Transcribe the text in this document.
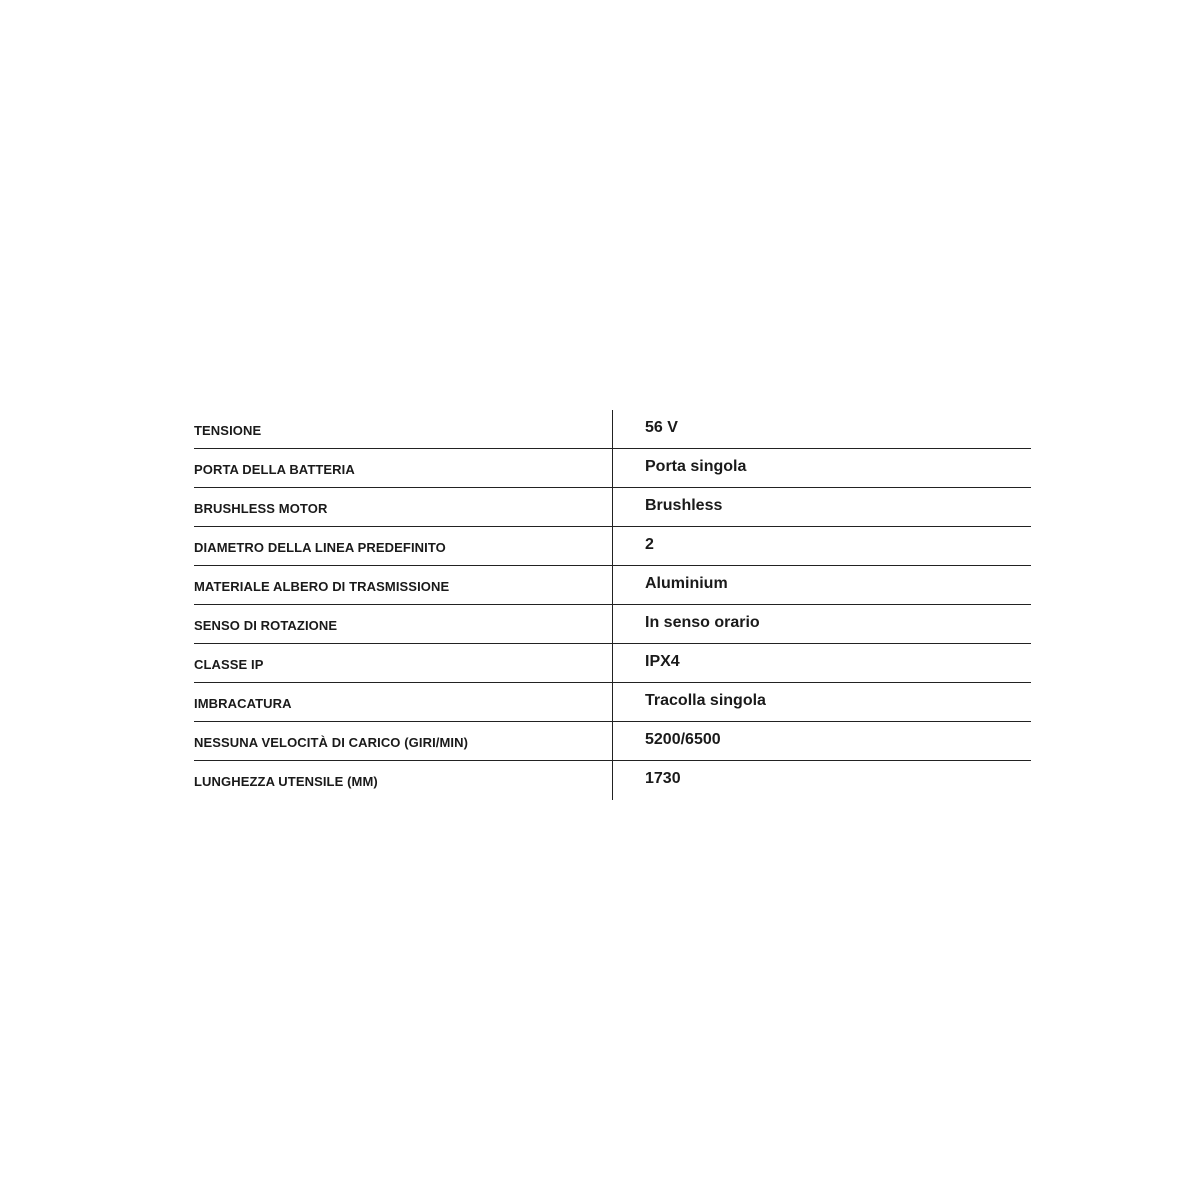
TENSIONE	56 V
PORTA DELLA BATTERIA	Porta singola
BRUSHLESS MOTOR	Brushless
DIAMETRO DELLA LINEA PREDEFINITO	2
MATERIALE ALBERO DI TRASMISSIONE	Aluminium
SENSO DI ROTAZIONE	In senso orario
CLASSE IP	IPX4
IMBRACATURA	Tracolla singola
NESSUNA VELOCITÀ DI CARICO (GIRI/MIN)	5200/6500
LUNGHEZZA UTENSILE (MM)	1730
